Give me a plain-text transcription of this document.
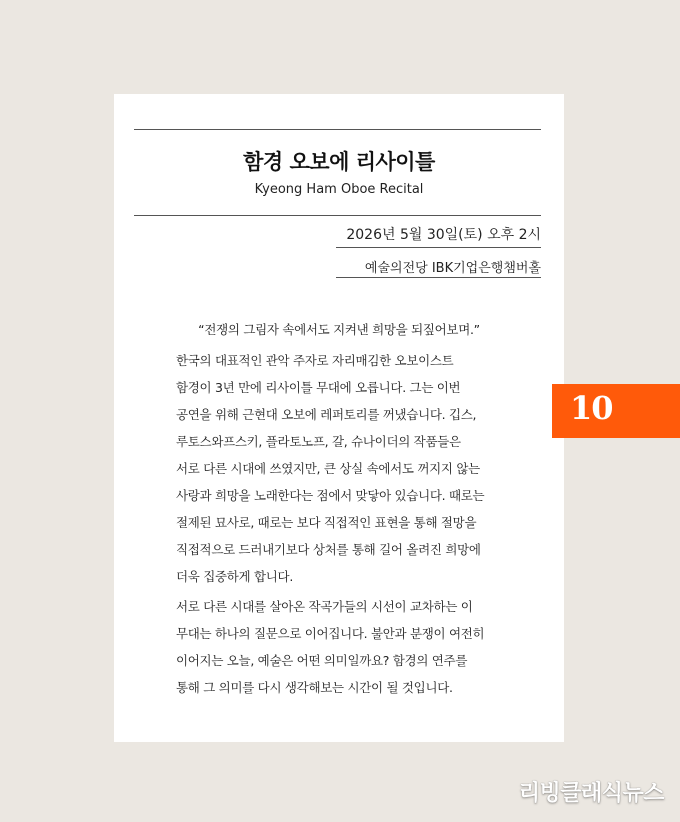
함경 오보에 리사이틀
Kyeong Ham Oboe Recital
2026년 5월 30일(토) 오후 2시
예술의전당 IBK기업은행챔버홀
“전쟁의 그림자 속에서도 지켜낸 희망을 되짚어보며.”
한국의 대표적인 관악 주자로 자리매김한 오보이스트
함경이 3년 만에 리사이틀 무대에 오릅니다. 그는 이번
공연을 위해 근현대 오보에 레퍼토리를 꺼냈습니다. 깁스,
루토스와프스키, 플라토노프, 갈, 슈나이더의 작품들은
서로 다른 시대에 쓰였지만, 큰 상실 속에서도 꺼지지 않는
사랑과 희망을 노래한다는 점에서 맞닿아 있습니다. 때로는
절제된 묘사로, 때로는 보다 직접적인 표현을 통해 절망을
직접적으로 드러내기보다 상처를 통해 길어 올려진 희망에
더욱 집중하게 합니다.
서로 다른 시대를 살아온 작곡가들의 시선이 교차하는 이
무대는 하나의 질문으로 이어집니다. 불안과 분쟁이 여전히
이어지는 오늘, 예술은 어떤 의미일까요? 함경의 연주를
통해 그 의미를 다시 생각해보는 시간이 될 것입니다.
10
리빙클래식뉴스
